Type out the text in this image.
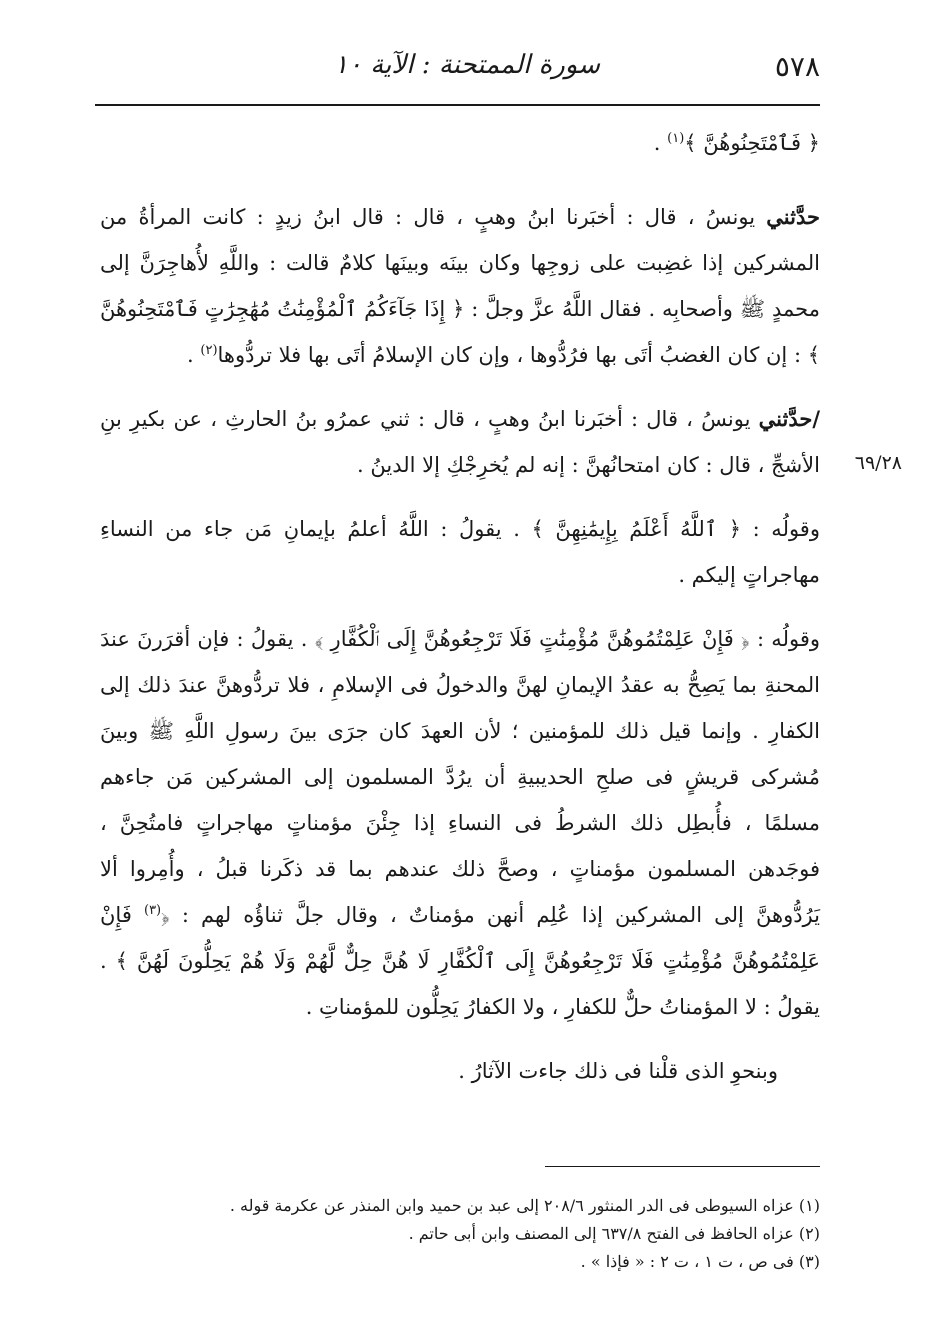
٥٧٨
سورة الممتحنة : الآية ١٠

﴿ فَٱمْتَحِنُوهُنَّ ﴾$^{(١)}$ .

حدَّثني يونسُ ، قال : أخبَرنا ابنُ وهبٍ ، قال : قال ابنُ زيدٍ : كانت المرأةُ من المشركين إذا غضِبت على زوجِها وكان بينَه وبينَها كلامٌ قالت : واللَّهِ لأُهاجِرَنَّ إلى محمدٍ ﷺ وأصحابِه . فقال اللَّهُ عزَّ وجلَّ : ﴿ إِذَا جَآءَكُمُ ٱلْمُؤْمِنَٰتُ مُهَٰجِرَٰتٍ فَٱمْتَحِنُوهُنَّ ﴾ : إن كان الغضبُ أتَى بها فرُدُّوها ، وإن كان الإسلامُ أتَى بها فلا تردُّوها$^{(٢)}$ .

/حدَّثني يونسُ ، قال : أخبَرنا ابنُ وهبٍ ، قال : ثني عمرُو بنُ الحارثِ ، عن بكيرِ بنِ الأشجِّ ، قال : كان امتحانُهنَّ : إنه لم يُخرِجْكِ إلا الدينُ .

وقولُه : ﴿ ٱللَّهُ أَعْلَمُ بِإِيمَٰنِهِنَّ ﴾ . يقولُ : اللَّهُ أعلمُ بإيمانِ مَن جاء من النساءِ مهاجراتٍ إليكم .

وقولُه : ﴿ فَإِنْ عَلِمْتُمُوهُنَّ مُؤْمِنَٰتٍ فَلَا تَرْجِعُوهُنَّ إِلَى ٱلْكُفَّارِ ﴾ . يقولُ : فإن أقرَرنَ عندَ المحنةِ بما يَصِحُّ به عقدُ الإيمانِ لهنَّ والدخولُ فى الإسلامِ ، فلا تردُّوهنَّ عندَ ذلك إلى الكفارِ . وإنما قيل ذلك للمؤمنين ؛ لأن العهدَ كان جرَى بينَ رسولِ اللَّهِ ﷺ وبينَ مُشركى قريشٍ فى صلحِ الحديبيةِ أن يرُدَّ المسلمون إلى المشركين مَن جاءهم مسلمًا ، فأُبطِل ذلك الشرطُ فى النساءِ إذا جِئْنَ مؤمناتٍ مهاجراتٍ فامتُحِنَّ ، فوجَدهن المسلمون مؤمناتٍ ، وصحَّ ذلك عندهم بما قد ذكَرنا قبلُ ، وأُمِروا ألا يَرُدُّوهنَّ إلى المشركين إذا عُلِم أنهن مؤمناتٌ ، وقال جلَّ ثناؤُه لهم : ﴿$^{(٣)}$ فَإِنْ عَلِمْتُمُوهُنَّ مُؤْمِنَٰتٍ فَلَا تَرْجِعُوهُنَّ إِلَى ٱلْكُفَّارِ لَا هُنَّ حِلٌّ لَّهُمْ وَلَا هُمْ يَحِلُّونَ لَهُنَّ ﴾ . يقولُ : لا المؤمناتُ حلٌّ للكفارِ ، ولا الكفارُ يَحِلُّون للمؤمناتِ .

  وبنحوِ الذى قلْنا فى ذلك جاءت الآثارُ .

٦٩/٢٨

(١) عزاه السيوطى فى الدر المنثور ٢٠٨/٦ إلى عبد بن حميد وابن المنذر عن عكرمة قوله .

(٢) عزاه الحافظ فى الفتح ٦٣٧/٨ إلى المصنف وابن أبى حاتم .

(٣) فى ص ، ت ١ ، ت ٢ : « فإذا » .
